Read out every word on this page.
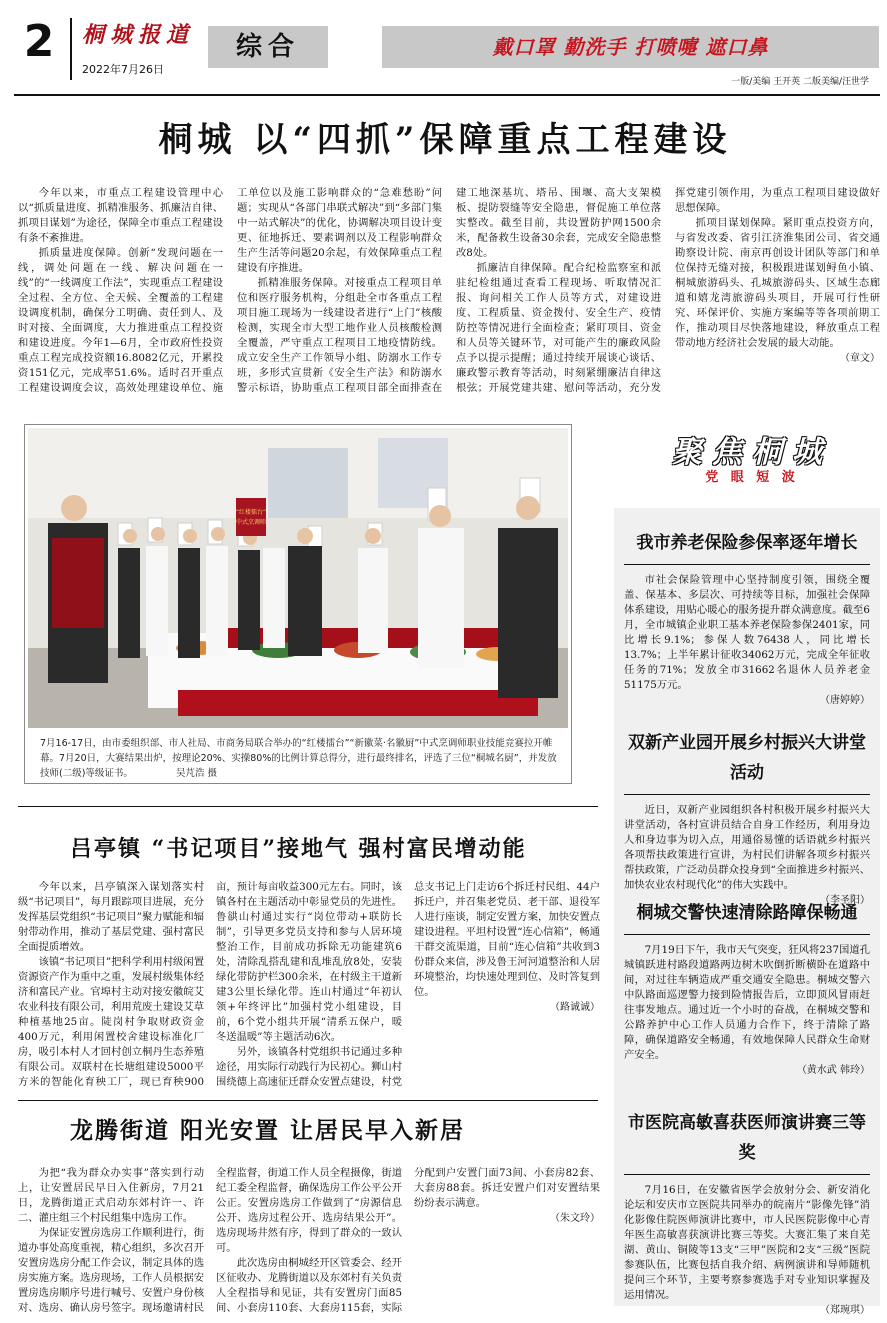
2	桐城报道
2022年7月26日
综合	戴口罩 勤洗手 打喷嚏 遮口鼻
一版/美编 王开英 二版美编/汪世学
桐城 以“四抓”保障重点工程建设

今年以来，市重点工程建设管理中心以“抓质量进度、抓精准服务、抓廉洁自律、抓项目谋划”为途径，保障全市重点工程建设有条不紊推进。

抓质量进度保障。创新“发现问题在一线，调处问题在一线、解决问题在一线”的“一线调度工作法”，实现重点工程建设全过程、全方位、全天候、全覆盖的工程建设调度机制，确保分工明确、责任到人、及时对接、全面调度，大力推进重点工程投资和建设进度。今年1—6月，全市政府性投资重点工程完成投资额16.8082亿元，开累投资151亿元，完成率51.6%。适时召开重点工程建设调度会议，高效处理建设单位、施工单位以及施工影响群众的“急难愁盼”问题；实现从“各部门串联式解决”到“多部门集中一站式解决”的优化，协调解决项目设计变更、征地拆迁、要素调剂以及工程影响群众生产生活等问题20余起，有效保障重点工程建设有序推进。

抓精准服务保障。对接重点工程项目单位和医疗服务机构，分组赴全市各重点工程项目施工现场为一线建设者进行“上门”核酸检测，实现全市大型工地作业人员核酸检测全覆盖，严守重点工程项目工地疫情防线。成立安全生产工作领导小组、防溺水工作专班，多形式宣贯新《安全生产法》和防溺水警示标语，协助重点工程项目部全面排查在建工地深基坑、塔吊、围堰、高大支架模板、提防裂缝等安全隐患，督促施工单位落实整改。截至目前，共设置防护网1500余米，配备救生设备30余套，完成安全隐患整改8处。

抓廉洁自律保障。配合纪检监察室和派驻纪检组通过查看工程现场、听取情况汇报、询问相关工作人员等方式，对建设进度、工程质量、资金拨付、安全生产、疫情防控等情况进行全面检查；紧盯项目、资金和人员等关键环节，对可能产生的廉政风险点予以提示提醒；通过持续开展谈心谈话、廉政警示教育等活动，时刻紧绷廉洁自律这根弦；开展党建共建、慰问等活动，充分发挥党建引领作用，为重点工程项目建设做好思想保障。

抓项目谋划保障。紧盯重点投资方向，与省发改委、省引江济淮集团公司、省交通勘察设计院、南京再创设计团队等部门和单位保持无缝对接，积极跟进谋划鲟鱼小镇、桐城旅游码头、孔城旅游码头、区域生态廊道和嬉龙湾旅游码头项目，开展可行性研究、环保评价、实施方案编等等各项前期工作，推动项目尽快落地建设，释放重点工程带动地方经济社会发展的最大动能。

（章文）
“红楼擂台”
中式烹调师
7月16-17日，由市委组织部、市人社局、市商务局联合举办的“红楼擂台”“新徽菜·名徽厨”中式烹调师职业技能竞赛拉开帷幕。7月20日，大赛结果出炉，按理论20%、实操80%的比例计算总得分，进行最终排名，评选了三位“桐城名厨”，并发放技师(二级)等级证书。	吴芃浩 摄
聚焦桐城
党 眼 短 波
我市养老保险参保率逐年增长

市社会保险管理中心坚持制度引领，围绕全覆盖、保基本、多层次、可持续等目标，加强社会保障体系建设，用贴心暖心的服务提升群众满意度。截至6月，全市城镇企业职工基本养老保险参保2401家，同比增长9.1%；参保人数76438人，同比增长13.7%；上半年累计征收34062万元，完成全年征收任务的71%；发放全市31662名退休人员养老金51175万元。

（唐婷婷）
双新产业园开展乡村振兴大讲堂活动

近日，双新产业园组织各村积极开展乡村振兴大讲堂活动，各村宣讲员结合自身工作经历，利用身边人和身边事为切入点，用通俗易懂的话语就乡村振兴各项帮扶政策进行宣讲，为村民们讲解各项乡村振兴帮扶政策，广泛动员群众投身到“全面推进乡村振兴、加快农业农村现代化”的伟大实践中。

（李圣阳）
桐城交警快速清除路障保畅通

7月19日下午，我市天气突变，狂风将237国道孔城镇跃进村路段道路两边树木吹倒折断横卧在道路中间，对过往车辆造成严重交通安全隐患。桐城交警六中队路面巡逻警力接到险情报告后，立即顶风冒雨赶往事发地点。通过近一个小时的奋战，在桐城交警和公路养护中心工作人员通力合作下，终于清除了路障，确保道路安全畅通，有效地保障人民群众生命财产安全。

（黄水武 韩玲）
市医院高敏喜获医师演讲赛三等奖

7月16日，在安徽省医学会放射分会、新安消化论坛和安庆市立医院共同举办的皖南片“影像先锋”消化影像住院医师演讲比赛中，市人民医院影像中心青年医生高敏喜获演讲比赛三等奖。大赛汇集了来自芜湖、黄山、铜陵等13支“三甲”医院和2支“三级”医院参赛队伍，比赛包括自我介绍、病例演讲和导师随机提问三个环节，主要考察参赛选手对专业知识掌握及运用情况。

（郑琬琪）
吕亭镇 “书记项目”接地气 强村富民增动能

今年以来，吕亭镇深入谋划落实村级“书记项目”，每月跟踪项目进展，充分发挥基层党组织“书记项目”聚力赋能和辐射带动作用，推动了基层党建、强村富民全面提质增效。

该镇“书记项目”把科学利用村级闲置资源资产作为重中之重，发展村级集体经济和富民产业。官埠村主动对接安徽皖艾农业科技有限公司，利用荒废土建设艾草种植基地25亩。陡岗村争取财政资金400万元，利用闲置校舍建设标准化厂房，吸引本村人才回村创立桐丹生态养殖有限公司。双联村在长塘组建设5000平方米的智能化育秧工厂，现已育秧900亩，预计每亩收益300元左右。同时，该镇各村在主题活动中彰显党员的先进性。鲁谼山村通过实行“岗位带动+联防长制”，引导更多党员支持和参与人居环境整治工作，目前成功拆除无功能建筑6处，清除乱搭乱建和乱堆乱放8处，安装绿化带防护栏300余米，在村级主干道新建3公里长绿化带。连山村通过“年初认领+年终评比”加强村党小组建设，目前，6个党小组共开展“清系五保户，暖冬送温暖”等主题活动6次。

另外，该镇各村党组织书记通过多种途径，用实际行动践行为民初心。狮山村围绕德上高速征迁群众安置点建设，村党总支书记上门走访6个拆迁村民组、44户拆迁户，并召集老党员、老干部、退役军人进行座谈，制定安置方案，加快安置点建设进程。平坦村设置“连心信箱”，畅通干群交流渠道，目前“连心信箱”共收到3份群众来信，涉及鲁王河河道整治和人居环境整治，均快速处理到位、及时答复到位。

（路诚诚）
龙腾街道 阳光安置 让居民早入新居

为把“我为群众办实事”落实到行动上，让安置居民早日入住新房，7月21日，龙腾街道正式启动东郊村许一、许二、灌庄组三个村民组集中选房工作。

为保证安置房选房工作顺利进行，街道办事处高度重视，精心组织，多次召开安置房选房分配工作会议，制定具体的选房实施方案。选房现场，工作人员根据安置房选房顺序号进行喊号、安置户身份核对、选房、确认房号签字。现场邀请村民全程监督，街道工作人员全程摄像，街道纪工委全程监督，确保选房工作公平公开公正。安置房选房工作做到了“房源信息公开、选房过程公开、选房结果公开”。选房现场井然有序，得到了群众的一致认可。

此次选房由桐城经开区管委会、经开区征收办、龙腾街道以及东郊村有关负责人全程指导和见证，共有安置房门面85间、小套房110套、大套房115套，实际分配到户安置门面73间、小套房82套、大套房88套。拆迁安置户们对安置结果纷纷表示满意。

（朱文玲）
